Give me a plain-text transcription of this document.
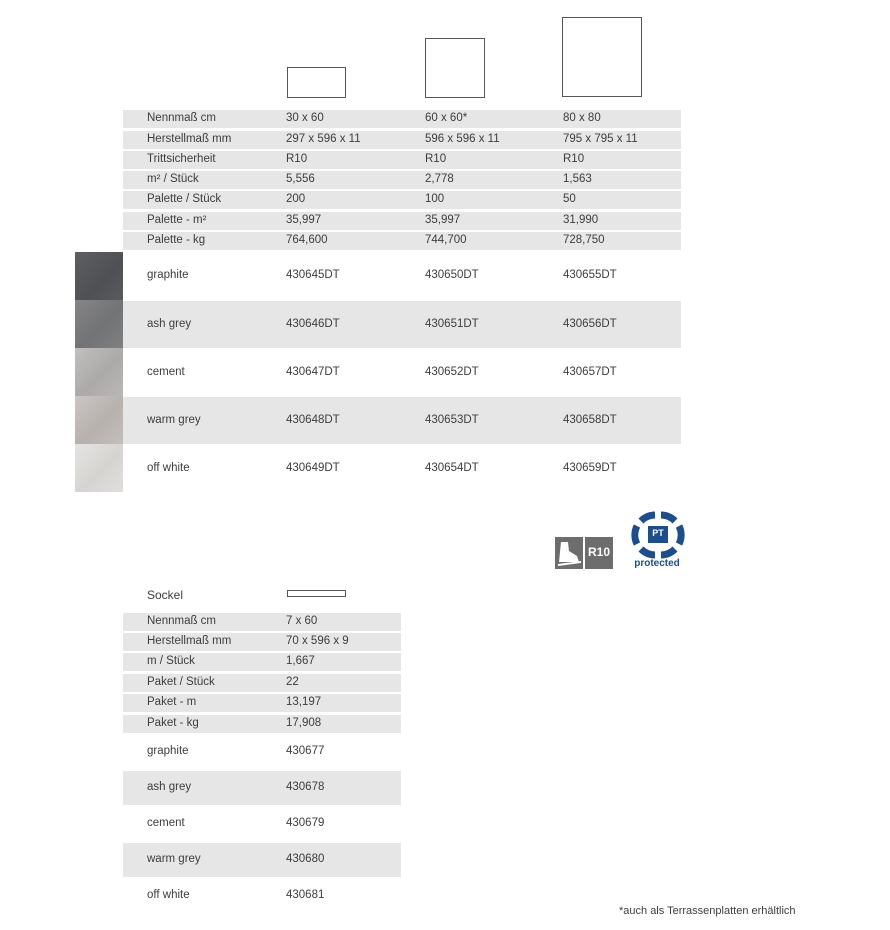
Nennmaß cm	30 x 60	60 x 60*	80 x 80
Herstellmaß mm	297 x 596 x 11	596 x 596 x 11	795 x 795 x 11
Trittsicherheit	R10	R10	R10
m² / Stück	5,556	2,778	1,563
Palette / Stück	200	100	50
Palette - m²	35,997	35,997	31,990
Palette - kg	764,600	744,700	728,750
graphite	430645DT	430650DT	430655DT
ash grey	430646DT	430651DT	430656DT
cement	430647DT	430652DT	430657DT
warm grey	430648DT	430653DT	430658DT
off white	430649DT	430654DT	430659DT
R10
PT
protected
Sockel
Nennmaß cm	7 x 60
Herstellmaß mm	70 x 596 x 9
m / Stück	1,667
Paket / Stück	22
Paket - m	13,197
Paket - kg	17,908
graphite	430677
ash grey	430678
cement	430679
warm grey	430680
off white	430681
*auch als Terrassenplatten erhältlich
